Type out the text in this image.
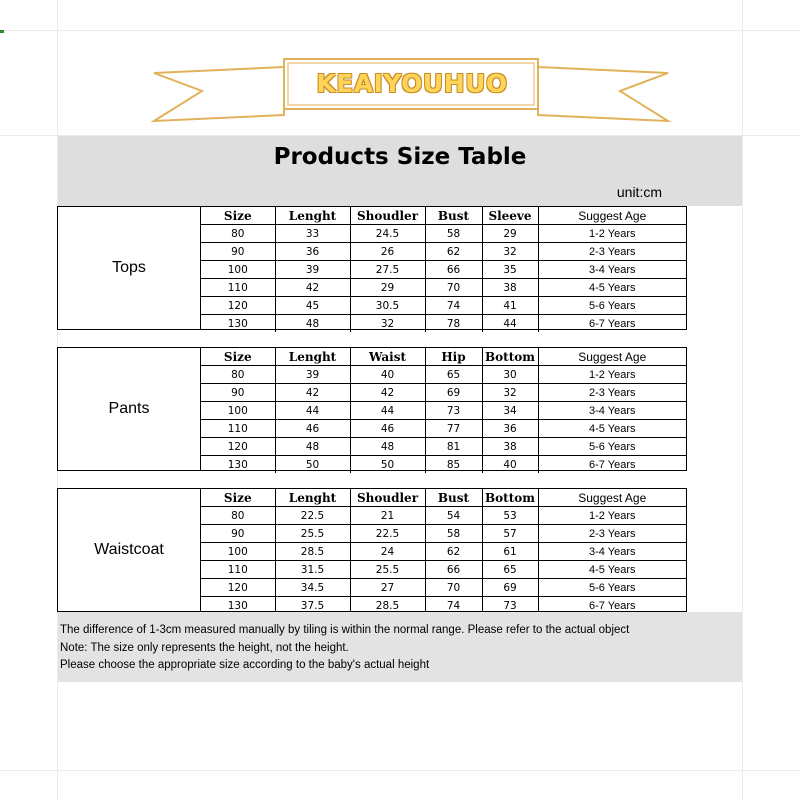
KEAIYOUHUO
Products Size Table
unit:cm
Tops
Size	Lenght	Shoudler	Bust	Sleeve	Suggest Age
80	33	24.5	58	29	1-2 Years
90	36	26	62	32	2-3 Years
100	39	27.5	66	35	3-4 Years
110	42	29	70	38	4-5 Years
120	45	30.5	74	41	5-6 Years
130	48	32	78	44	6-7 Years
Pants
Size	Lenght	Waist	Hip	Bottom	Suggest Age
80	39	40	65	30	1-2 Years
90	42	42	69	32	2-3 Years
100	44	44	73	34	3-4 Years
110	46	46	77	36	4-5 Years
120	48	48	81	38	5-6 Years
130	50	50	85	40	6-7 Years
Waistcoat
Size	Lenght	Shoudler	Bust	Bottom	Suggest Age
80	22.5	21	54	53	1-2 Years
90	25.5	22.5	58	57	2-3 Years
100	28.5	24	62	61	3-4 Years
110	31.5	25.5	66	65	4-5 Years
120	34.5	27	70	69	5-6 Years
130	37.5	28.5	74	73	6-7 Years
The difference of 1-3cm measured manually by tiling is within the normal range. Please refer to the actual object
Note: The size only represents the height, not the height.
Please choose the appropriate size according to the baby's actual height
